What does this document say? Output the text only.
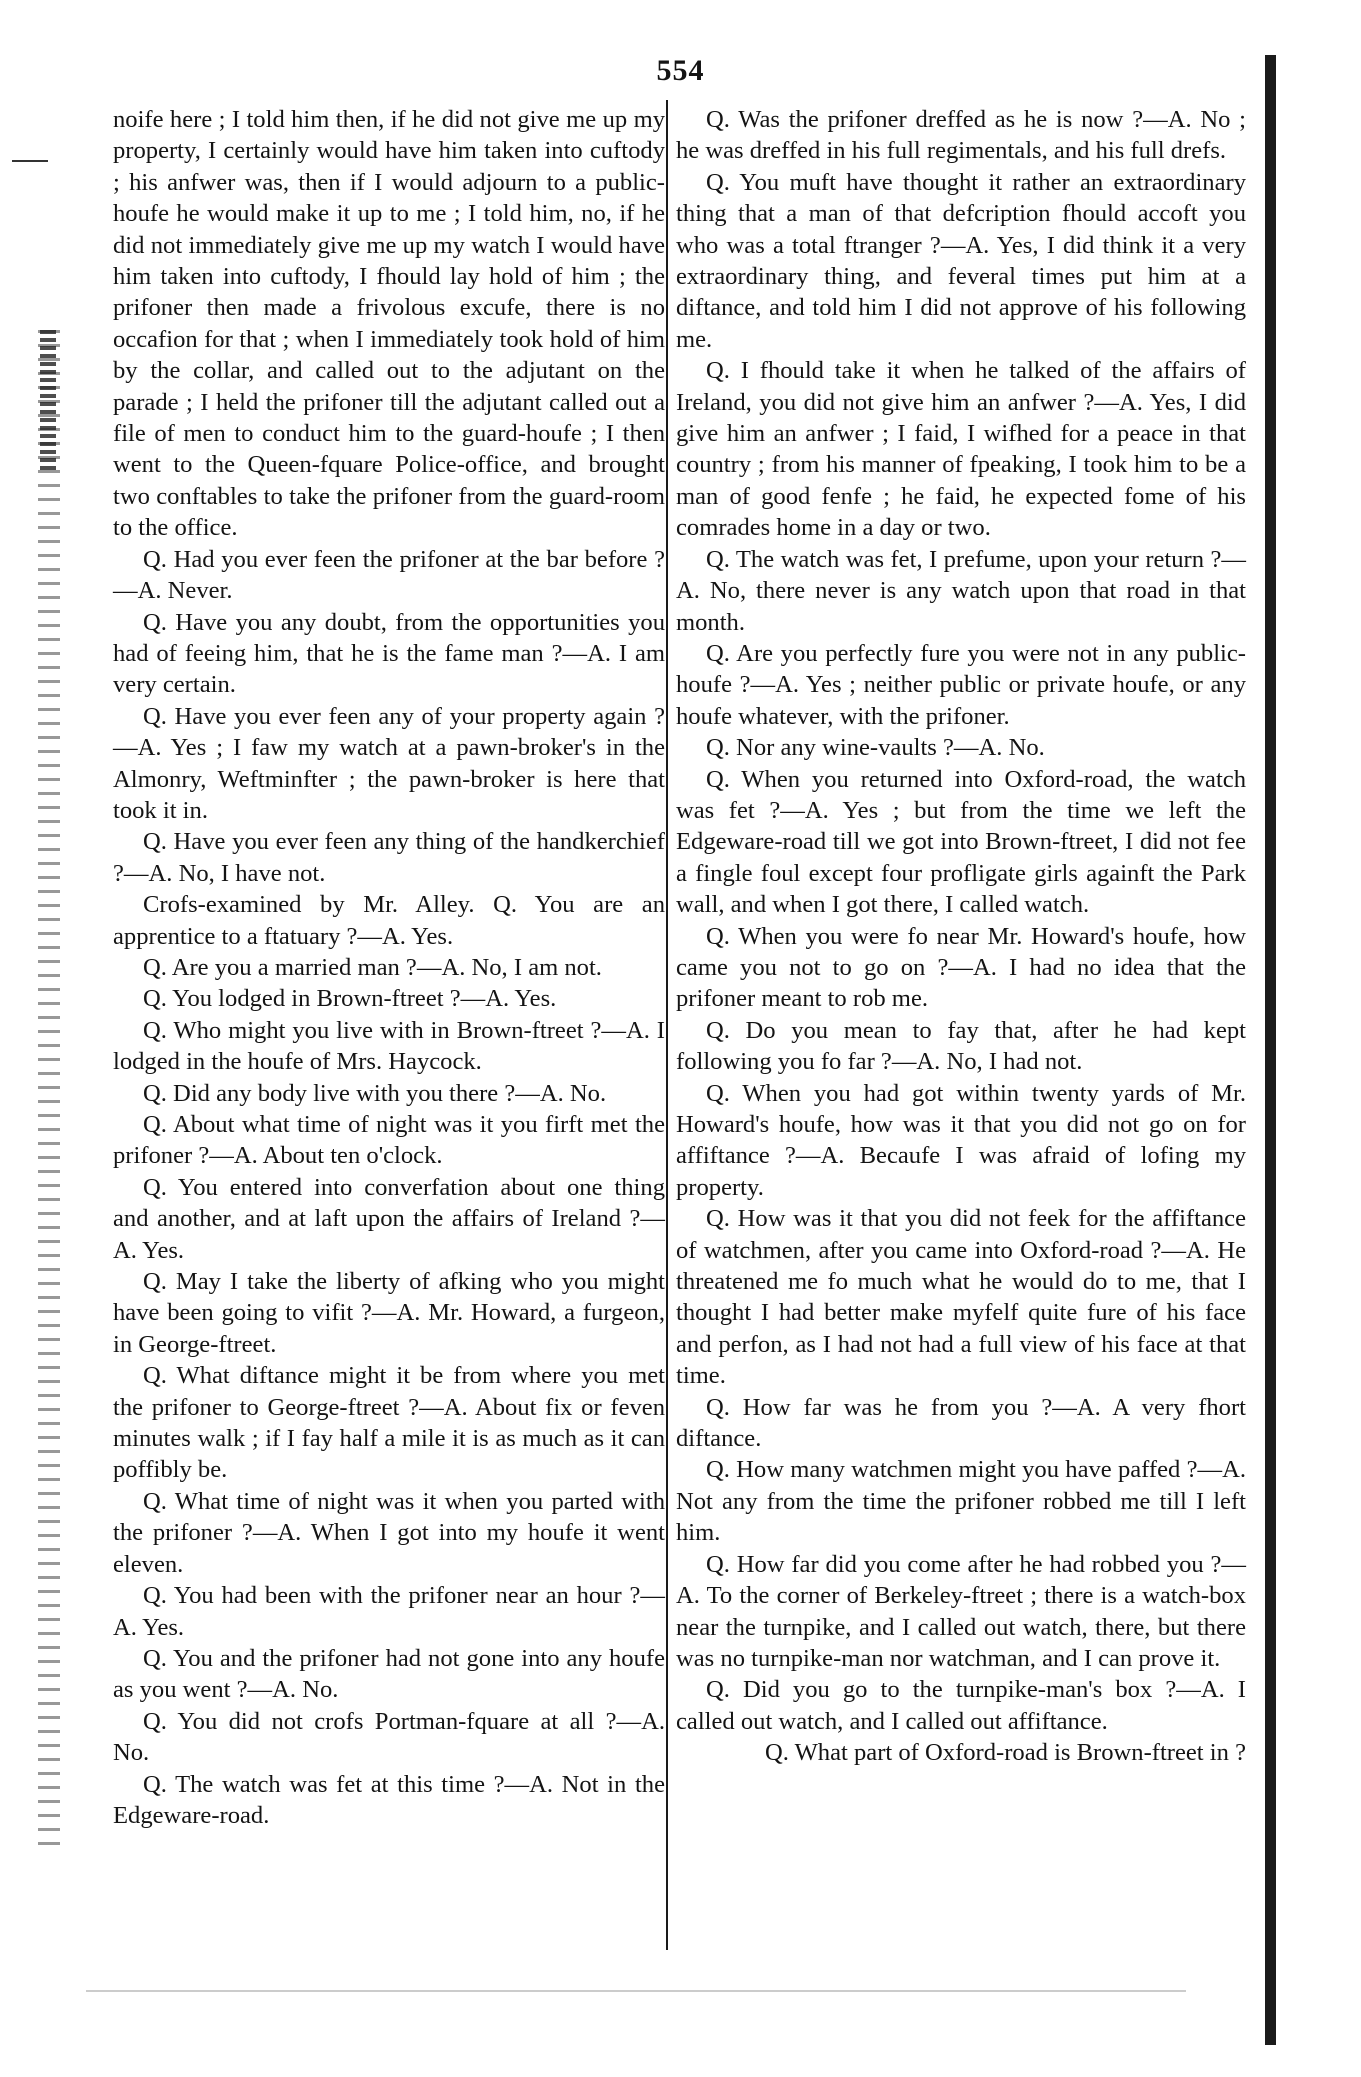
554

noife here ; I told him then, if he did not give me up my property, I certainly would have him taken into cuftody ; his anfwer was, then if I would adjourn to a public-houfe he would make it up to me ; I told him, no, if he did not immediately give me up my watch I would have him taken into cuftody, I fhould lay hold of him ; the prifoner then made a frivolous excufe, there is no occafion for that ; when I immediately took hold of him by the collar, and called out to the adjutant on the parade ; I held the prifoner till the adjutant called out a file of men to conduct him to the guard-houfe ; I then went to the Queen-fquare Police-office, and brought two conftables to take the prifoner from the guard-room to the office.

Q. Had you ever feen the prifoner at the bar before ?—A. Never.

Q. Have you any doubt, from the opportunities you had of feeing him, that he is the fame man ?—A. I am very certain.

Q. Have you ever feen any of your property again ?—A. Yes ; I faw my watch at a pawn-broker's in the Almonry, Weftminfter ; the pawn-broker is here that took it in.

Q. Have you ever feen any thing of the handkerchief ?—A. No, I have not.

Crofs-examined by Mr. Alley. Q. You are an apprentice to a ftatuary ?—A. Yes.

Q. Are you a married man ?—A. No, I am not.

Q. You lodged in Brown-ftreet ?—A. Yes.

Q. Who might you live with in Brown-ftreet ?—A. I lodged in the houfe of Mrs. Haycock.

Q. Did any body live with you there ?—A. No.

Q. About what time of night was it you firft met the prifoner ?—A. About ten o'clock.

Q. You entered into converfation about one thing and another, and at laft upon the affairs of Ireland ?—A. Yes.

Q. May I take the liberty of afking who you might have been going to vifit ?—A. Mr. Howard, a furgeon, in George-ftreet.

Q. What diftance might it be from where you met the prifoner to George-ftreet ?—A. About fix or feven minutes walk ; if I fay half a mile it is as much as it can poffibly be.

Q. What time of night was it when you parted with the prifoner ?—A. When I got into my houfe it went eleven.

Q. You had been with the prifoner near an hour ?—A. Yes.

Q. You and the prifoner had not gone into any houfe as you went ?—A. No.

Q. You did not crofs Portman-fquare at all ?—A. No.

Q. The watch was fet at this time ?—A. Not in the Edgeware-road.

Q. Was the prifoner dreffed as he is now ?—A. No ; he was dreffed in his full regimentals, and his full drefs.

Q. You muft have thought it rather an extraordinary thing that a man of that defcription fhould accoft you who was a total ftranger ?—A. Yes, I did think it a very extraordinary thing, and feveral times put him at a diftance, and told him I did not approve of his following me.

Q. I fhould take it when he talked of the affairs of Ireland, you did not give him an anfwer ?—A. Yes, I did give him an anfwer ; I faid, I wifhed for a peace in that country ; from his manner of fpeaking, I took him to be a man of good fenfe ; he faid, he expected fome of his comrades home in a day or two.

Q. The watch was fet, I prefume, upon your return ?—A. No, there never is any watch upon that road in that month.

Q. Are you perfectly fure you were not in any public-houfe ?—A. Yes ; neither public or private houfe, or any houfe whatever, with the prifoner.

Q. Nor any wine-vaults ?—A. No.

Q. When you returned into Oxford-road, the watch was fet ?—A. Yes ; but from the time we left the Edgeware-road till we got into Brown-ftreet, I did not fee a fingle foul except four profligate girls againft the Park wall, and when I got there, I called watch.

Q. When you were fo near Mr. Howard's houfe, how came you not to go on ?—A. I had no idea that the prifoner meant to rob me.

Q. Do you mean to fay that, after he had kept following you fo far ?—A. No, I had not.

Q. When you had got within twenty yards of Mr. Howard's houfe, how was it that you did not go on for affiftance ?—A. Becaufe I was afraid of lofing my property.

Q. How was it that you did not feek for the affiftance of watchmen, after you came into Oxford-road ?—A. He threatened me fo much what he would do to me, that I thought I had better make myfelf quite fure of his face and perfon, as I had not had a full view of his face at that time.

Q. How far was he from you ?—A. A very fhort diftance.

Q. How many watchmen might you have paffed ?—A. Not any from the time the prifoner robbed me till I left him.

Q. How far did you come after he had robbed you ?—A. To the corner of Berkeley-ftreet ; there is a watch-box near the turnpike, and I called out watch, there, but there was no turnpike-man nor watchman, and I can prove it.

Q. Did you go to the turnpike-man's box ?—A. I called out watch, and I called out affiftance.

Q. What part of Oxford-road is Brown-ftreet in ?
